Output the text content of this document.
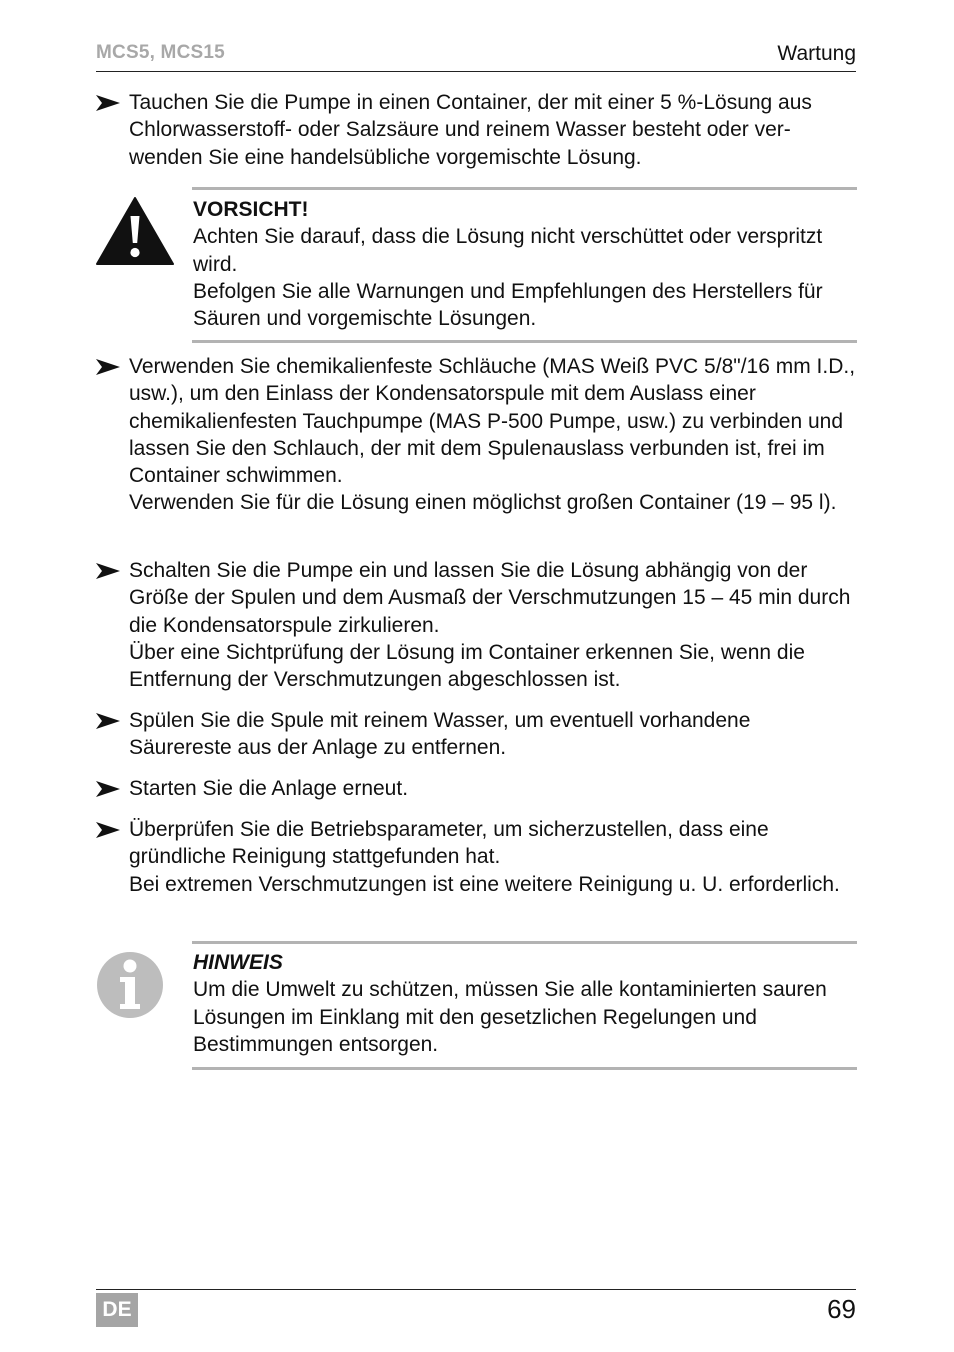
MCS5, MCS15	Wartung

Tauchen Sie die Pumpe in einen Container, der mit einer 5 %-Lösung aus Chlorwasserstoff- oder Salzsäure und reinem Wasser besteht oder verwenden Sie eine handelsübliche vorgemischte Lösung.

VORSICHT!

Achten Sie darauf, dass die Lösung nicht verschüttet oder verspritzt wird.

Befolgen Sie alle Warnungen und Empfehlungen des Herstellers für Säuren und vorgemischte Lösungen.

Verwenden Sie chemikalienfeste Schläuche (MAS Weiß PVC 5/8"/16 mm I.D., usw.), um den Einlass der Kondensatorspule mit dem Auslass einer chemikalienfesten Tauchpumpe (MAS P-500 Pumpe, usw.) zu verbinden und lassen Sie den Schlauch, der mit dem Spulenauslass verbunden ist, frei im Container schwimmen.

Verwenden Sie für die Lösung einen möglichst großen Container (19 – 95 l).

Schalten Sie die Pumpe ein und lassen Sie die Lösung abhängig von der Größe der Spulen und dem Ausmaß der Verschmutzungen 15 – 45 min durch die Kondensatorspule zirkulieren.

Über eine Sichtprüfung der Lösung im Container erkennen Sie, wenn die Entfernung der Verschmutzungen abgeschlossen ist.

Spülen Sie die Spule mit reinem Wasser, um eventuell vorhandene Säurereste aus der Anlage zu entfernen.

Starten Sie die Anlage erneut.

Überprüfen Sie die Betriebsparameter, um sicherzustellen, dass eine gründliche Reinigung stattgefunden hat.

Bei extremen Verschmutzungen ist eine weitere Reinigung u. U. erforderlich.

HINWEIS

Um die Umwelt zu schützen, müssen Sie alle kontaminierten sauren Lösungen im Einklang mit den gesetzlichen Regelungen und Bestimmungen entsorgen.

DE	69
